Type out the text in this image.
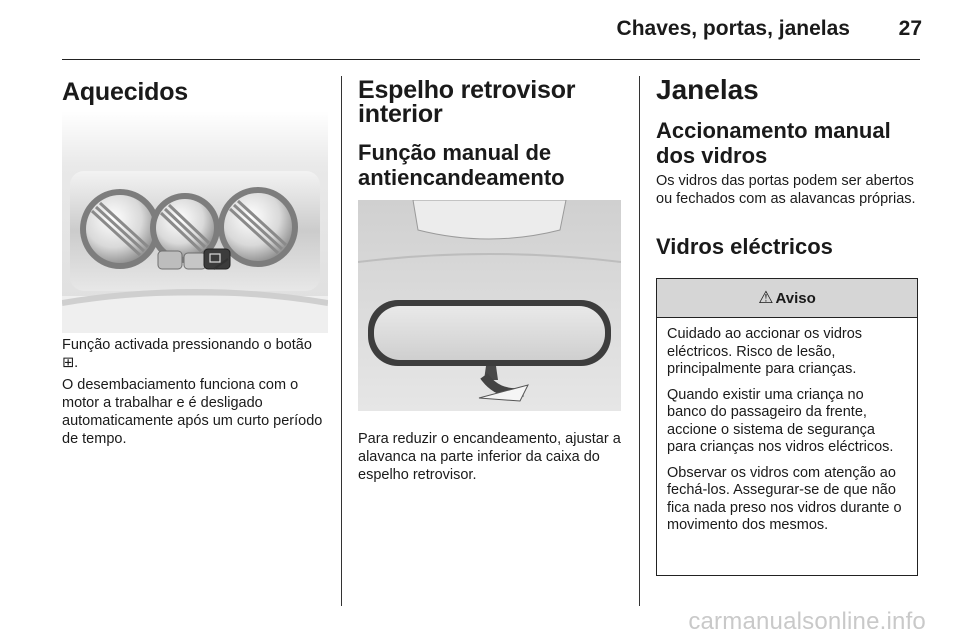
Chaves, portas, janelas	27
Aquecidos

Função activada pressionando o botão ⊞.

O desembaciamento funciona com o motor a trabalhar e é desligado automaticamente após um curto período de tempo.

Espelho retrovisor interior
Função manual de antiencandeamento

Para reduzir o encandeamento, ajustar a alavanca na parte inferior da caixa do espelho retrovisor.

Janelas
Accionamento manual dos vidros

Os vidros das portas podem ser abertos ou fechados com as alavancas próprias.

Vidros eléctricos
⚠ Aviso

Cuidado ao accionar os vidros eléctricos. Risco de lesão, principalmente para crianças.

Quando existir uma criança no banco do passageiro da frente, accione o sistema de segurança para crianças nos vidros eléctricos.

Observar os vidros com atenção ao fechá-los. Assegurar-se de que não fica nada preso nos vidros durante o movimento dos mesmos.

carmanualsonline.info
